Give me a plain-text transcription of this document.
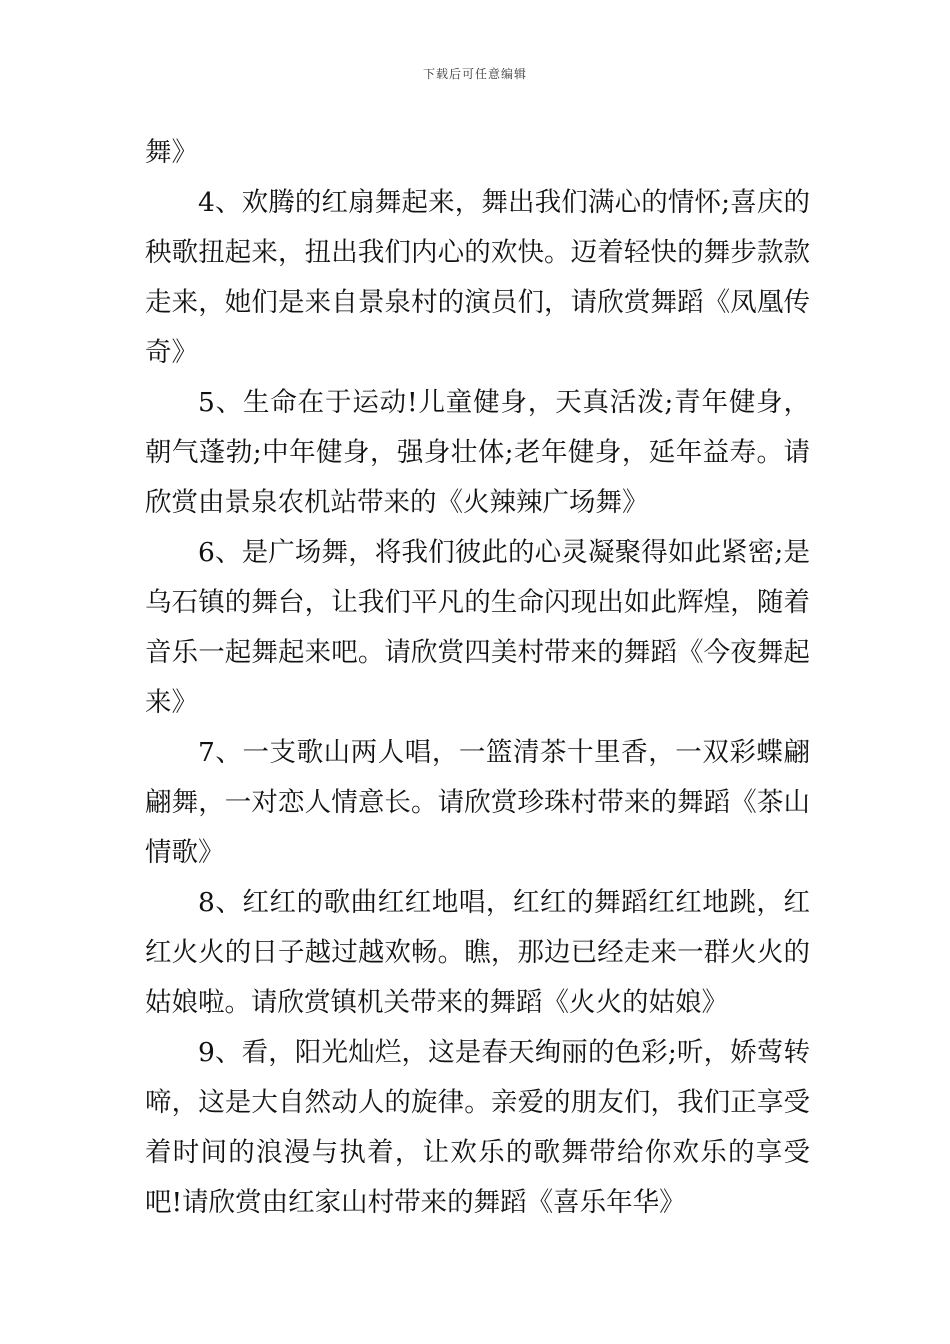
下载后可任意编辑

舞》

4、欢腾的红扇舞起来，舞出我们满心的情怀;喜庆的秧歌扭起来，扭出我们内心的欢快。迈着轻快的舞步款款走来，她们是来自景泉村的演员们，请欣赏舞蹈《凤凰传奇》

5、生命在于运动!儿童健身，天真活泼;青年健身，朝气蓬勃;中年健身，强身壮体;老年健身，延年益寿。请欣赏由景泉农机站带来的《火辣辣广场舞》

6、是广场舞，将我们彼此的心灵凝聚得如此紧密;是乌石镇的舞台，让我们平凡的生命闪现出如此辉煌，随着音乐一起舞起来吧。请欣赏四美村带来的舞蹈《今夜舞起来》

7、一支歌山两人唱，一篮清茶十里香，一双彩蝶翩翩舞，一对恋人情意长。请欣赏珍珠村带来的舞蹈《茶山情歌》

8、红红的歌曲红红地唱，红红的舞蹈红红地跳，红红火火的日子越过越欢畅。瞧，那边已经走来一群火火的姑娘啦。请欣赏镇机关带来的舞蹈《火火的姑娘》

9、看，阳光灿烂，这是春天绚丽的色彩;听，娇莺转啼，这是大自然动人的旋律。亲爱的朋友们，我们正享受着时间的浪漫与执着，让欢乐的歌舞带给你欢乐的享受吧!请欣赏由红家山村带来的舞蹈《喜乐年华》
